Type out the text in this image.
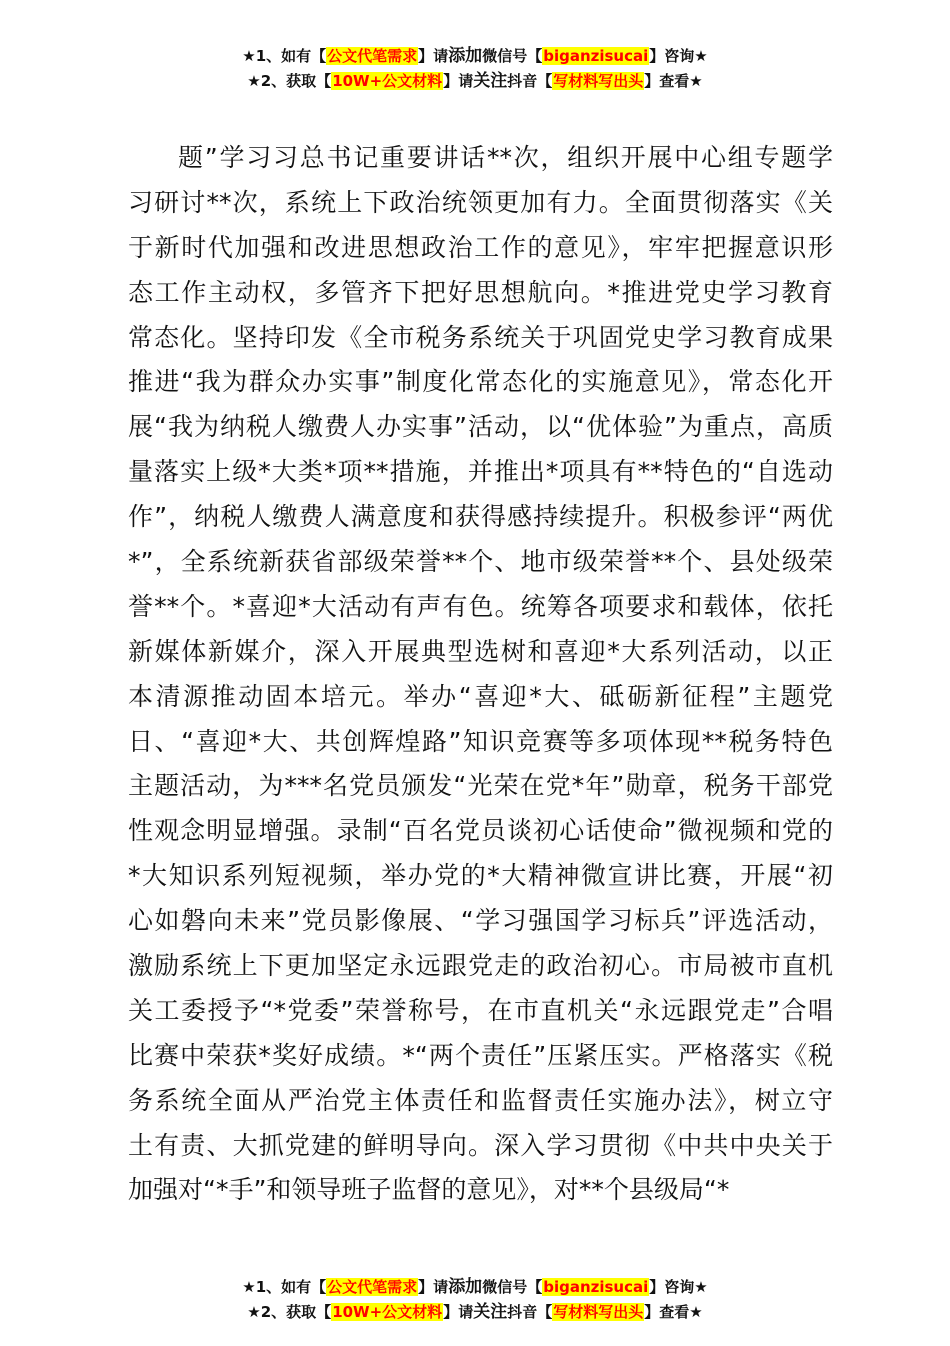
★1、如有【公文代笔需求】请添加微信号【biganzisucai】咨询★
★2、获取【10W+公文材料】请关注抖音【写材料写出头】查看★
题”学习习总书记重要讲话**次，组织开展中心组专题学
习研讨**次，系统上下政治统领更加有力。全面贯彻落实《关
于新时代加强和改进思想政治工作的意见》，牢牢把握意识形
态工作主动权，多管齐下把好思想航向。*推进党史学习教育
常态化。坚持印发《全市税务系统关于巩固党史学习教育成果
推进“我为群众办实事”制度化常态化的实施意见》，常态化开
展“我为纳税人缴费人办实事”活动，以“优体验”为重点，高质
量落实上级*大类*项**措施，并推出*项具有**特色的“自选动
作”，纳税人缴费人满意度和获得感持续提升。积极参评“两优
*”，全系统新获省部级荣誉**个、地市级荣誉**个、县处级荣
誉**个。*喜迎*大活动有声有色。统筹各项要求和载体，依托
新媒体新媒介，深入开展典型选树和喜迎*大系列活动，以正
本清源推动固本培元。举办“喜迎*大、砥砺新征程”主题党
日、“喜迎*大、共创辉煌路”知识竞赛等多项体现**税务特色
主题活动，为***名党员颁发“光荣在党*年”勋章，税务干部党
性观念明显增强。录制“百名党员谈初心话使命”微视频和党的
*大知识系列短视频，举办党的*大精神微宣讲比赛，开展“初
心如磐向未来”党员影像展、“学习强国学习标兵”评选活动，
激励系统上下更加坚定永远跟党走的政治初心。市局被市直机
关工委授予“*党委”荣誉称号，在市直机关“永远跟党走”合唱
比赛中荣获*奖好成绩。*“两个责任”压紧压实。严格落实《税
务系统全面从严治党主体责任和监督责任实施办法》，树立守
土有责、大抓党建的鲜明导向。深入学习贯彻《中共中央关于
加强对“*手”和领导班子监督的意见》，对**个县级局“*
★1、如有【公文代笔需求】请添加微信号【biganzisucai】咨询★
★2、获取【10W+公文材料】请关注抖音【写材料写出头】查看★
